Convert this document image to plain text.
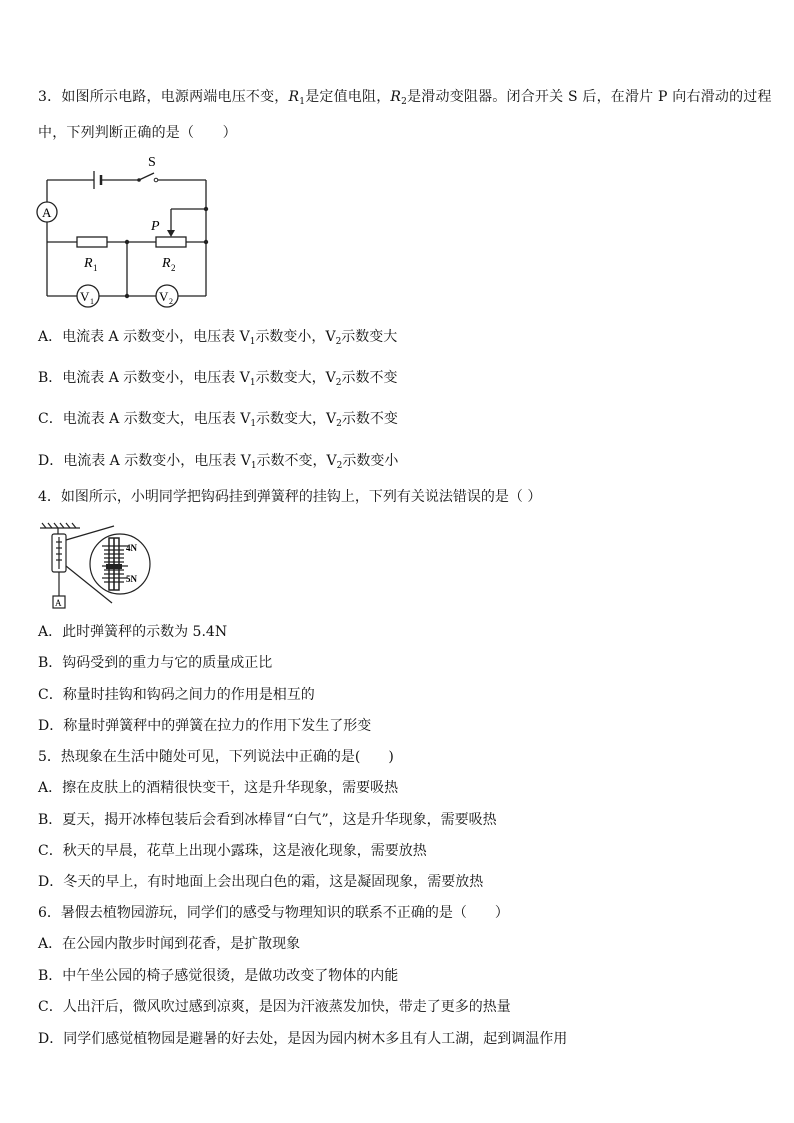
3．如图所示电路，电源两端电压不变，$R_1$是定值电阻，$R_2$是滑动变阻器。闭合开关 S 后，在滑片 P 向右滑动的过程
中，下列判断正确的是（　　）
S
P
A
R 1	R 2
V 1	V 2
A．电流表 A 示数变小，电压表 $V_1$示数变小，$V_2$示数变大
B．电流表 A 示数变小，电压表 $V_1$示数变大，$V_2$示数不变
C．电流表 A 示数变大，电压表 $V_1$示数变大，$V_2$示数不变
D．电流表 A 示数变小，电压表 $V_1$示数不变，$V_2$示数变小
4．如图所示，小明同学把钩码挂到弹簧秤的挂钩上，下列有关说法错误的是（ ）
4N
5N
A
A．此时弹簧秤的示数为 5.4N
B．钩码受到的重力与它的质量成正比
C．称量时挂钩和钩码之间力的作用是相互的
D．称量时弹簧秤中的弹簧在拉力的作用下发生了形变
5．热现象在生活中随处可见，下列说法中正确的是(　　)
A．擦在皮肤上的酒精很快变干，这是升华现象，需要吸热
B．夏天，揭开冰棒包装后会看到冰棒冒“白气”，这是升华现象，需要吸热
C．秋天的早晨，花草上出现小露珠，这是液化现象，需要放热
D．冬天的早上，有时地面上会出现白色的霜，这是凝固现象，需要放热
6．暑假去植物园游玩，同学们的感受与物理知识的联系不正确的是（　　）
A．在公园内散步时闻到花香，是扩散现象
B．中午坐公园的椅子感觉很烫，是做功改变了物体的内能
C．人出汗后，微风吹过感到凉爽，是因为汗液蒸发加快，带走了更多的热量
D．同学们感觉植物园是避暑的好去处，是因为园内树木多且有人工湖，起到调温作用
